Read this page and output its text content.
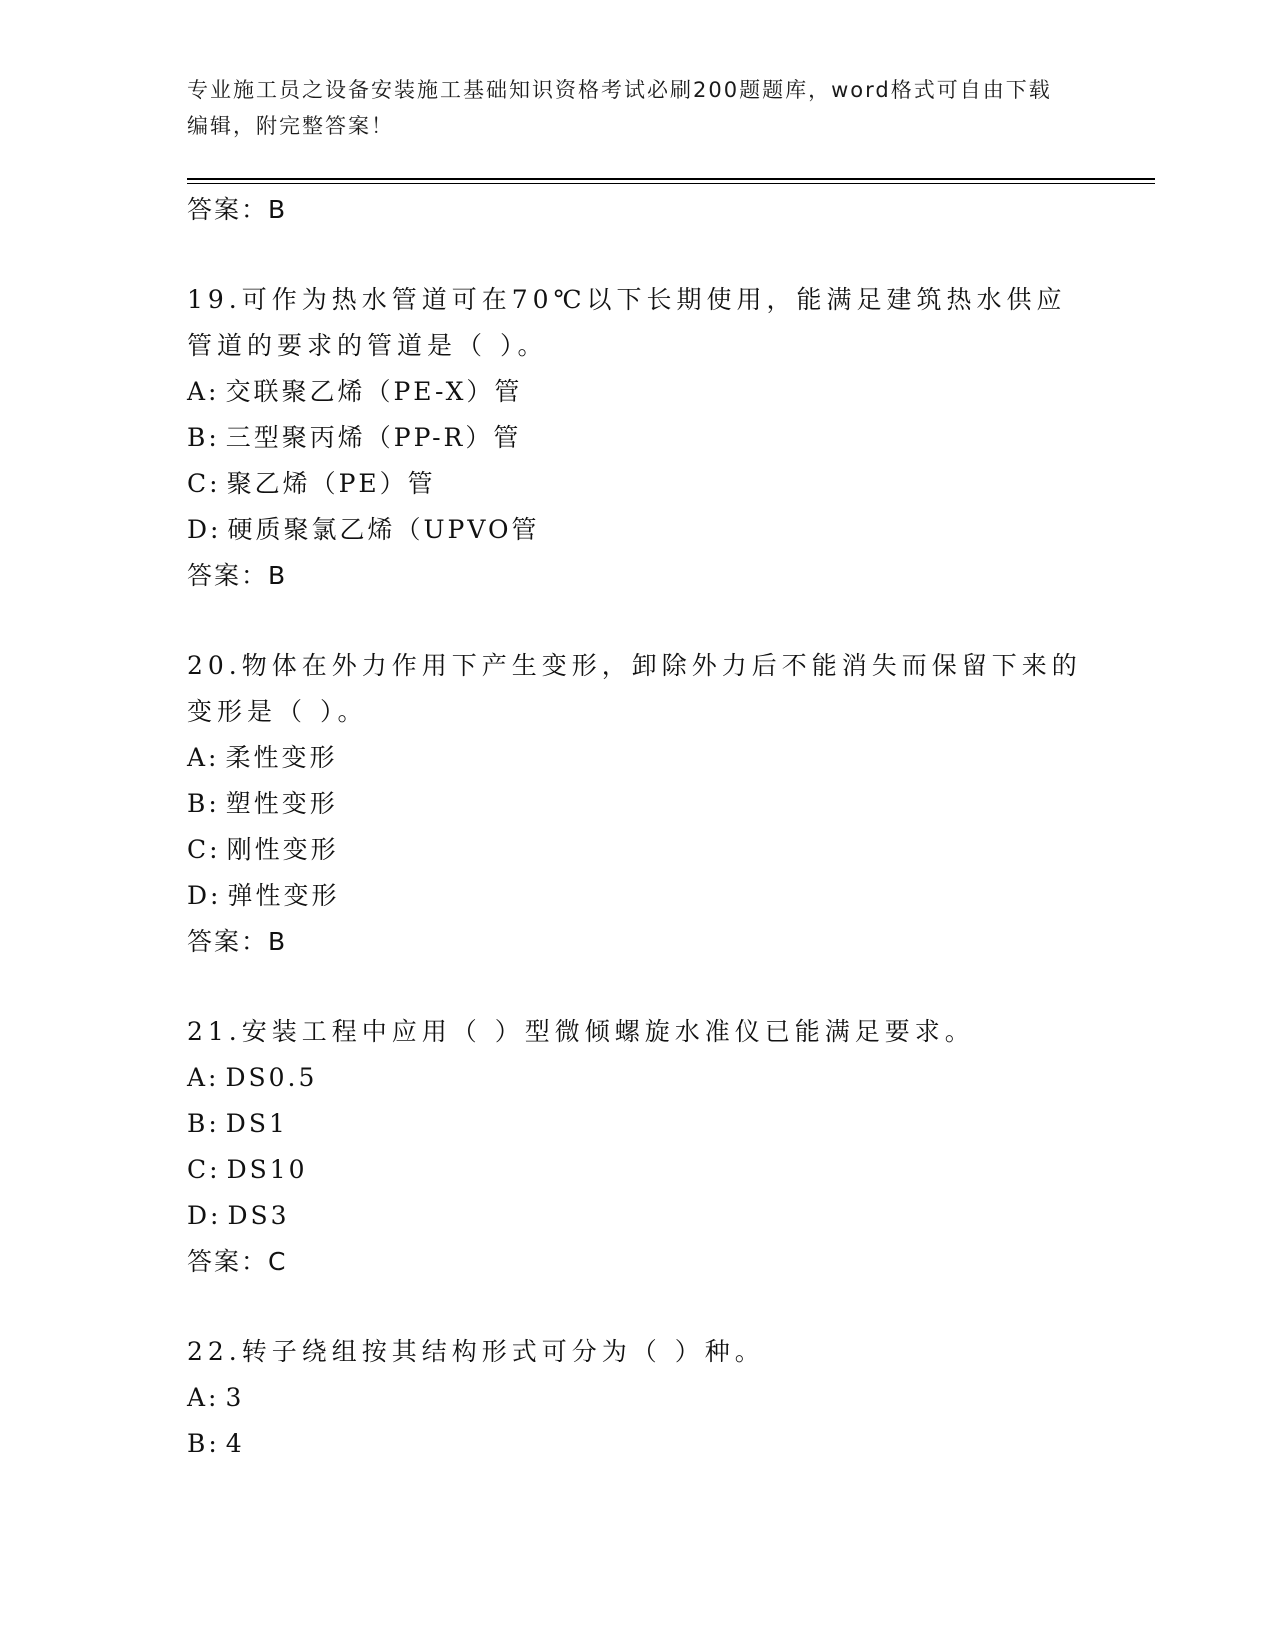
专业施工员之设备安装施工基础知识资格考试必刷200题题库，word格式可自由下载编辑，附完整答案！
答案：B
19.可作为热水管道可在70℃以下长期使用，能满足建筑热水供应管道的要求的管道是（ ）。
A: 交联聚乙烯（PE-X）管
B: 三型聚丙烯（PP-R）管
C: 聚乙烯（PE）管
D: 硬质聚氯乙烯（UPVO管
答案：B
20.物体在外力作用下产生变形，卸除外力后不能消失而保留下来的变形是（ ）。
A: 柔性变形
B: 塑性变形
C: 刚性变形
D: 弹性变形
答案：B
21.安装工程中应用（ ）型微倾螺旋水准仪已能满足要求。
A: DS0.5
B: DS1
C: DS10
D: DS3
答案：C
22.转子绕组按其结构形式可分为（ ）种。
A: 3
B: 4
